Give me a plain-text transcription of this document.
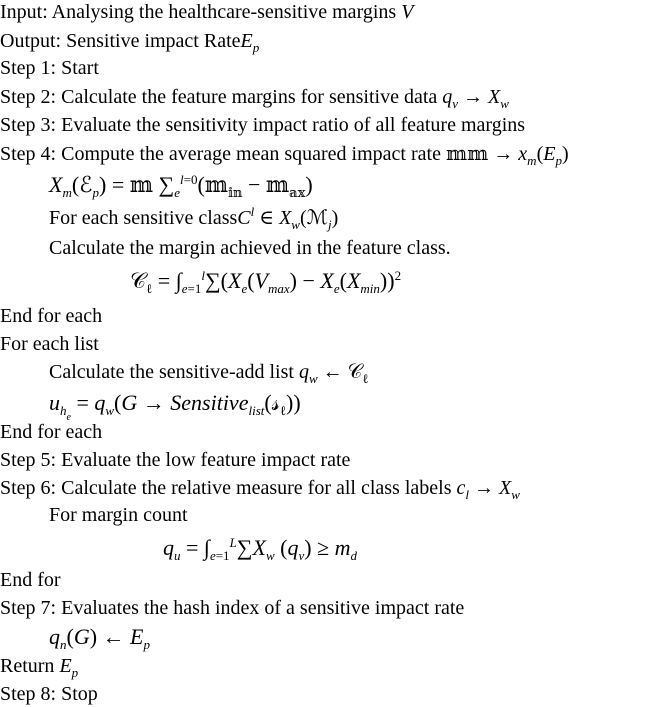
Input: Analysing the healthcare-sensitive margins V
Output: Sensitive impact RateE$_p$
Step 1: Start
Step 2: Calculate the feature margins for sensitive data $q_v \to X_w$
Step 3: Evaluate the sensitivity impact ratio of all feature margins
Step 4: Compute the average mean squared impact rate 𝕞𝕞 → $x_m(E_p)$
$X_m(ℰ_p)$ = 𝕞 $\sum_e^{l=0}(𝕞_{𝕚𝕟}$ − 𝕞$_{𝕒𝕩}$)
For each sensitive classC$^l$ ∈ $X_w(ℳ_j)$
Calculate the margin achieved in the feature class.
𝒞$_\ell$ = $\int_{e=1}^l\sum(X_e(V_{max}) - X_e(X_{min}))^2$
End for each
For each list
Calculate the sensitive-add list $q_w$ ← 𝒞$_\ell$
$u_{h_e} = q_w(G$ → Sensitive$_{list}$(𝓈$_\ell$))
End for each
Step 5: Evaluate the low feature impact rate
Step 6: Calculate the relative measure for all class labels $c_l \to X_w$
For margin count
$q_u = \int_{e=1}^L\sum X_w$ $(q_v) \ge m_d$
End for
Step 7: Evaluates the hash index of a sensitive impact rate
$q_n(G)$ ← $E_p$
Return $E_p$
Step 8: Stop
